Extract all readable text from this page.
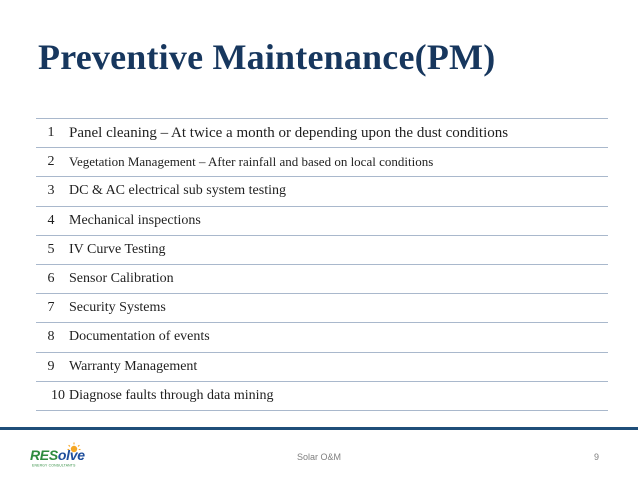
Preventive Maintenance(PM)
1	Panel cleaning – At twice a month or depending upon the dust conditions
2	Vegetation Management – After rainfall and based on local conditions
3	DC & AC electrical sub system testing
4	Mechanical inspections
5	IV Curve Testing
6	Sensor Calibration
7	Security Systems
8	Documentation of events
9	Warranty Management
10	Diagnose faults through data mining
RESolve
ENERGY CONSULTANTS
Solar O&M	9
